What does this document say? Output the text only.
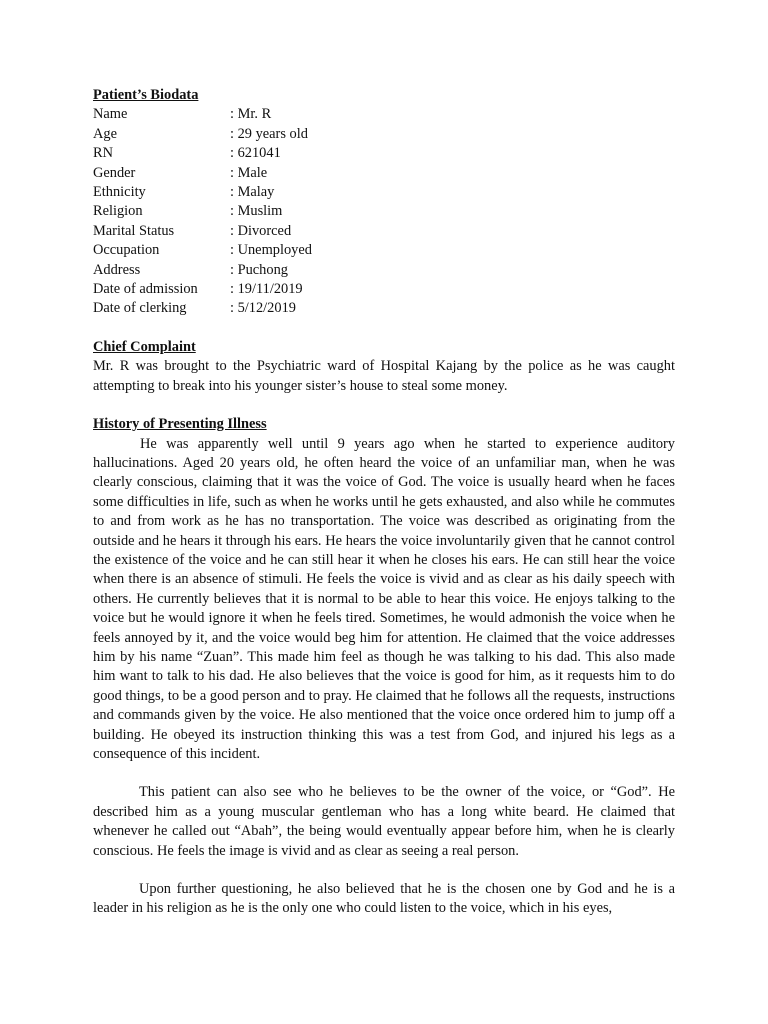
Patient’s Biodata
Name	: Mr. R
Age	: 29 years old
RN	: 621041
Gender	: Male
Ethnicity	: Malay
Religion	: Muslim
Marital Status	: Divorced
Occupation	: Unemployed
Address	: Puchong
Date of admission	: 19/11/2019
Date of clerking	: 5/12/2019
Chief Complaint

Mr. R was brought to the Psychiatric ward of Hospital Kajang by the police as he was caught attempting to break into his younger sister’s house to steal some money.

History of Presenting Illness

He was apparently well until 9 years ago when he started to experience auditory hallucinations. Aged 20 years old, he often heard the voice of an unfamiliar man, when he was clearly conscious, claiming that it was the voice of God. The voice is usually heard when he faces some difficulties in life, such as when he works until he gets exhausted, and also while he commutes to and from work as he has no transportation. The voice was described as originating from the outside and he hears it through his ears. He hears the voice involuntarily given that he cannot control the existence of the voice and he can still hear it when he closes his ears. He can still hear the voice when there is an absence of stimuli. He feels the voice is vivid and as clear as his daily speech with others. He currently believes that it is normal to be able to hear this voice. He enjoys talking to the voice but he would ignore it when he feels tired. Sometimes, he would admonish the voice when he feels annoyed by it, and the voice would beg him for attention. He claimed that the voice addresses him by his name “Zuan”. This made him feel as though he was talking to his dad. This also made him want to talk to his dad. He also believes that the voice is good for him, as it requests him to do good things, to be a good person and to pray. He claimed that he follows all the requests, instructions and commands given by the voice. He also mentioned that the voice once ordered him to jump off a building. He obeyed its instruction thinking this was a test from God, and injured his legs as a consequence of this incident.

This patient can also see who he believes to be the owner of the voice, or “God”. He described him as a young muscular gentleman who has a long white beard. He claimed that whenever he called out “Abah”, the being would eventually appear before him, when he is clearly conscious. He feels the image is vivid and as clear as seeing a real person.

Upon further questioning, he also believed that he is the chosen one by God and he is a leader in his religion as he is the only one who could listen to the voice, which in his eyes,
